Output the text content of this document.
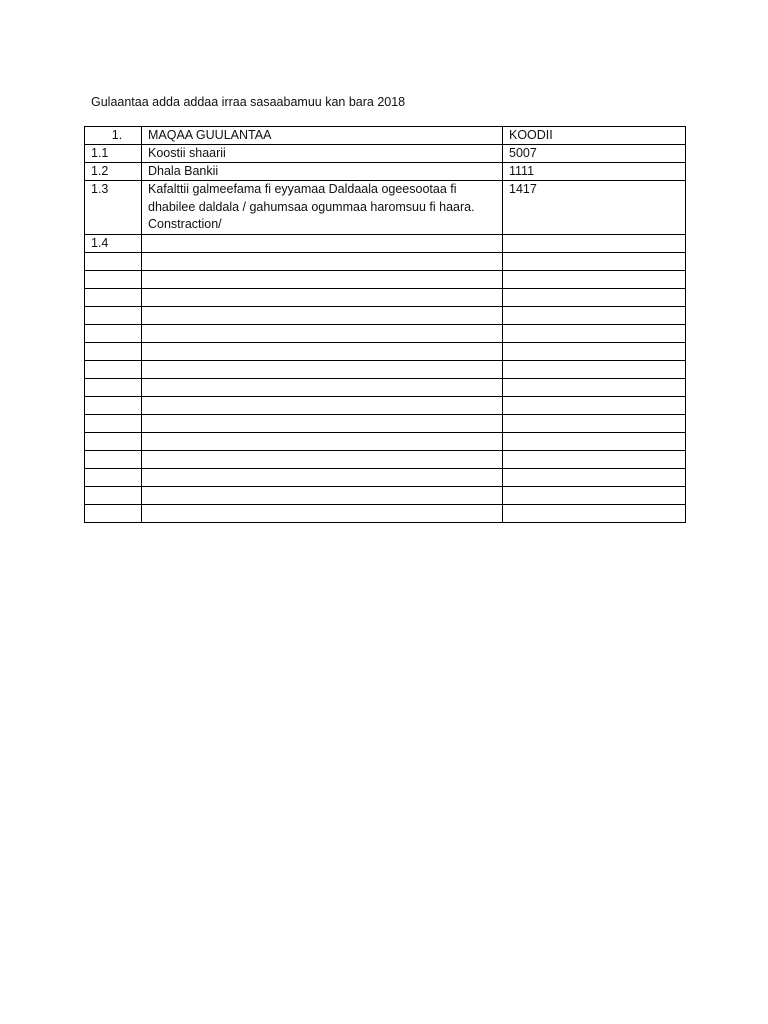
Gulaantaa adda addaa irraa sasaabamuu kan bara 2018
1.	MAQAA GUULANTAA	KOODII
1.1	Koostii shaarii	5007
1.2	Dhala Bankii	1111
1.3	Kafalttii galmeefama fi eyyamaa Daldaala ogeesootaa fi dhabilee daldala / gahumsaa ogummaa haromsuu fi haara. Constraction/	1417
1.4		
